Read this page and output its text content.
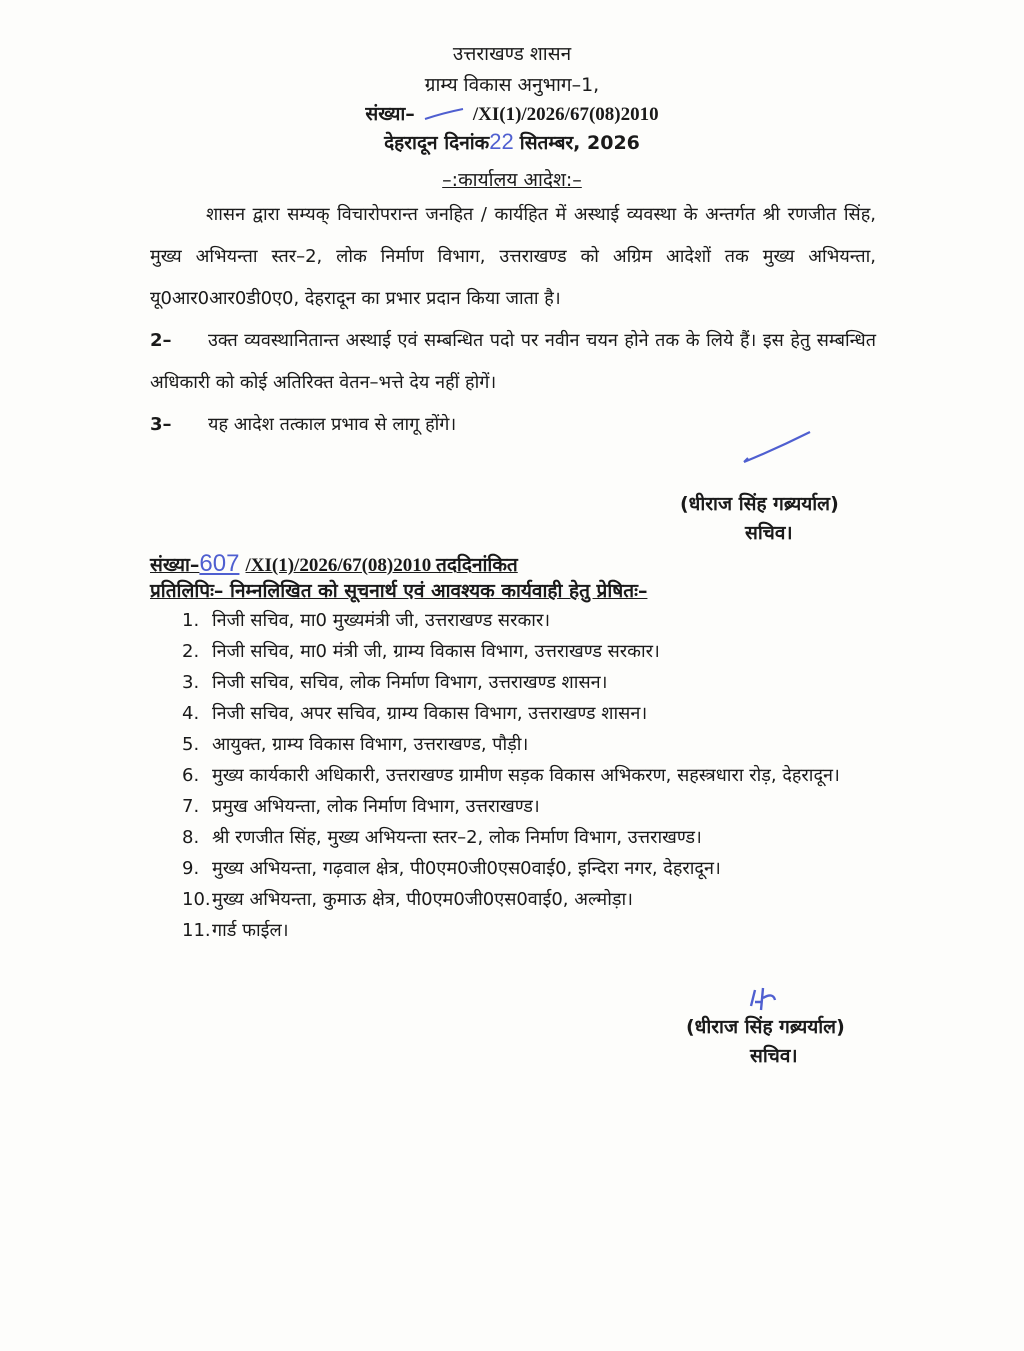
उत्तराखण्ड शासन
ग्राम्य विकास अनुभाग–1,
संख्या–	/XI(1)/2026/67(08)2010
देहरादून दिनांक22 सितम्बर, 2026
–:कार्यालय आदेश:–
शासन द्वारा सम्यक् विचारोपरान्त जनहित / कार्यहित में अस्थाई व्यवस्था के अन्तर्गत श्री रणजीत सिंह, मुख्य अभियन्ता स्तर–2, लोक निर्माण विभाग, उत्तराखण्ड को अग्रिम आदेशों तक मुख्य अभियन्ता, यू0आर0आर0डी0ए0, देहरादून का प्रभार प्रदान किया जाता है।
2– उक्त व्यवस्थानितान्त अस्थाई एवं सम्बन्धित पदो पर नवीन चयन होने तक के लिये हैं। इस हेतु सम्बन्धित अधिकारी को कोई अतिरिक्त वेतन–भत्ते देय नहीं होगें।
3– यह आदेश तत्काल प्रभाव से लागू होंगे।
(धीराज सिंह गब्र्यर्याल)
सचिव।
संख्या–607 /XI(1)/2026/67(08)2010 तददिनांकित
प्रतिलिपिः– निम्नलिखित को सूचनार्थ एवं आवश्यक कार्यवाही हेतु प्रेषितः–
1. निजी सचिव, मा0 मुख्यमंत्री जी, उत्तराखण्ड सरकार।
2. निजी सचिव, मा0 मंत्री जी, ग्राम्य विकास विभाग, उत्तराखण्ड सरकार।
3. निजी सचिव, सचिव, लोक निर्माण विभाग, उत्तराखण्ड शासन।
4. निजी सचिव, अपर सचिव, ग्राम्य विकास विभाग, उत्तराखण्ड शासन।
5. आयुक्त, ग्राम्य विकास विभाग, उत्तराखण्ड, पौड़ी।
6. मुख्य कार्यकारी अधिकारी, उत्तराखण्ड ग्रामीण सड़क विकास अभिकरण, सहस्त्रधारा रोड़, देहरादून।
7. प्रमुख अभियन्ता, लोक निर्माण विभाग, उत्तराखण्ड।
8. श्री रणजीत सिंह, मुख्य अभियन्ता स्तर–2, लोक निर्माण विभाग, उत्तराखण्ड।
9. मुख्य अभियन्ता, गढ़वाल क्षेत्र, पी0एम0जी0एस0वाई0, इन्दिरा नगर, देहरादून।
10. मुख्य अभियन्ता, कुमाऊ क्षेत्र, पी0एम0जी0एस0वाई0, अल्मोड़ा।
11. गार्ड फाईल।
(धीराज सिंह गब्र्यर्याल)
सचिव।
